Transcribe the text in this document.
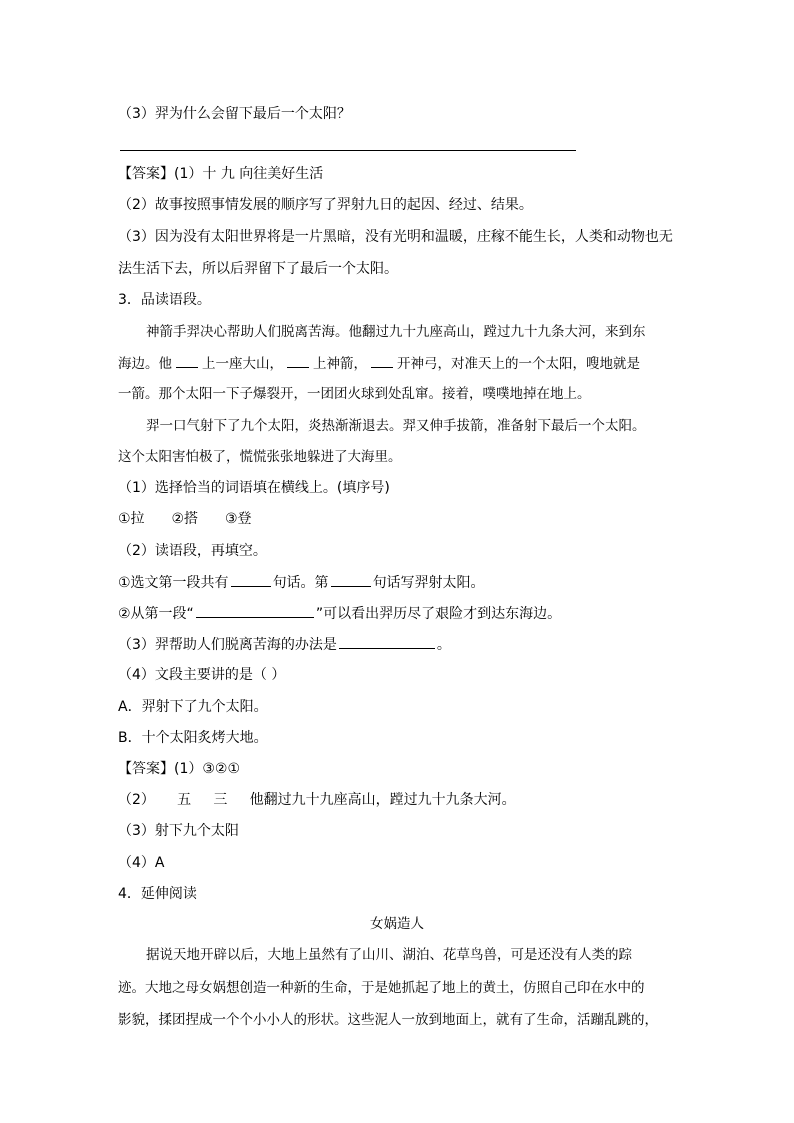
（3）羿为什么会留下最后一个太阳？
【答案】(1）十 九 向往美好生活
（2）故事按照事情发展的顺序写了羿射九日的起因、经过、结果。
（3）因为没有太阳世界将是一片黑暗，没有光明和温暖，庄稼不能生长，人类和动物也无
法生活下去，所以后羿留下了最后一个太阳。
3．品读语段。
神箭手羿决心帮助人们脱离苦海。他翻过九十九座高山，蹚过九十九条大河，来到东
海边。他 上一座大山， 上神箭， 开神弓，对准天上的一个太阳，嗖地就是
一箭。那个太阳一下子爆裂开，一团团火球到处乱窜。接着，噗噗地掉在地上。
羿一口气射下了九个太阳，炎热渐渐退去。羿又伸手拔箭，准备射下最后一个太阳。
这个太阳害怕极了，慌慌张张地躲进了大海里。
（1）选择恰当的词语填在横线上。(填序号)
①拉 ②搭 ③登
（2）读语段，再填空。
①选文第一段共有	句话。第	句话写羿射太阳。
②从第一段“	”可以看出羿历尽了艰险才到达东海边。
（3）羿帮助人们脱离苦海的办法是	。
（4）文段主要讲的是（ ）
A．羿射下了九个太阳。
B．十个太阳炙烤大地。
【答案】(1）③②①
（2）     五     三     他翻过九十九座高山，蹚过九十九条大河。
（3）射下九个太阳
（4）A
4．延伸阅读
女娲造人
据说天地开辟以后，大地上虽然有了山川、湖泊、花草鸟兽，可是还没有人类的踪
迹。大地之母女娲想创造一种新的生命，于是她抓起了地上的黄土，仿照自己印在水中的
影貌，揉团捏成一个个小小人的形状。这些泥人一放到地面上，就有了生命，活蹦乱跳的，
